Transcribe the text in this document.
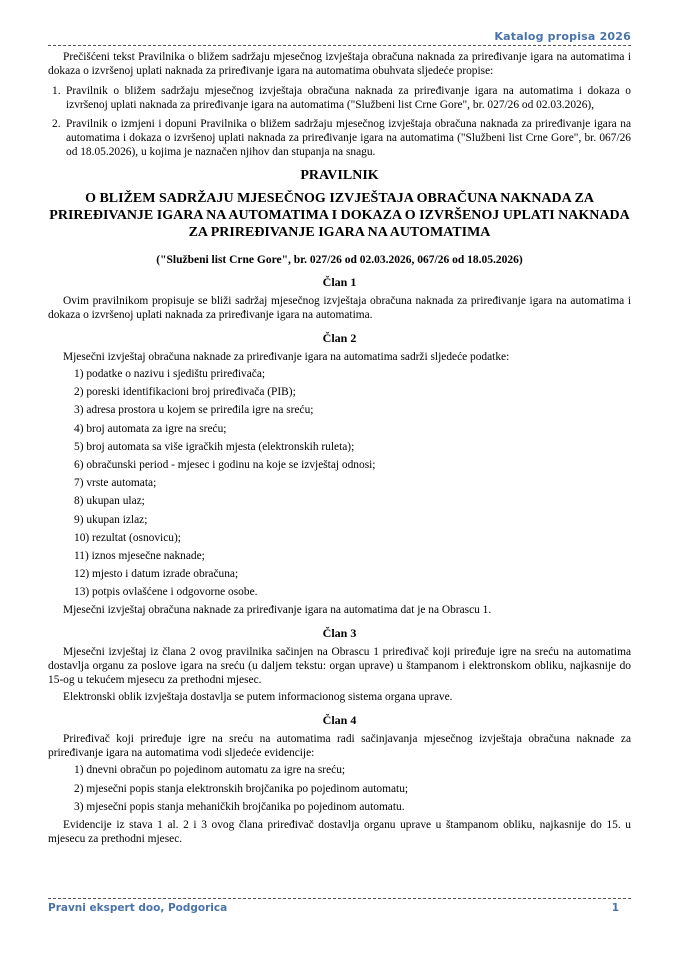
Katalog propisa 2026

Prečišćeni tekst Pravilnika o bližem sadržaju mjesečnog izvještaja obračuna naknada za priređivanje igara na automatima i dokaza o izvršenoj uplati naknada za priređivanje igara na automatima obuhvata sljedeće propise:

1. Pravilnik o bližem sadržaju mjesečnog izvještaja obračuna naknada za priređivanje igara na automatima i dokaza o izvršenoj uplati naknada za priređivanje igara na automatima ("Službeni list Crne Gore", br. 027/26 od 02.03.2026),
2. Pravilnik o izmjeni i dopuni Pravilnika o bližem sadržaju mjesečnog izvještaja obračuna naknada za priređivanje igara na automatima i dokaza o izvršenoj uplati naknada za priređivanje igara na automatima ("Službeni list Crne Gore", br. 067/26 od 18.05.2026), u kojima je naznačen njihov dan stupanja na snagu.
PRAVILNIK
O BLIŽEM SADRŽAJU MJESEČNOG IZVJEŠTAJA OBRAČUNA NAKNADA ZA PRIREĐIVANJE IGARA NA AUTOMATIMA I DOKAZA O IZVRŠENOJ UPLATI NAKNADA ZA PRIREĐIVANJE IGARA NA AUTOMATIMA
("Službeni list Crne Gore", br. 027/26 od 02.03.2026, 067/26 od 18.05.2026)
Član 1

Ovim pravilnikom propisuje se bliži sadržaj mjesečnog izvještaja obračuna naknada za priređivanje igara na automatima i dokaza o izvršenoj uplati naknada za priređivanje igara na automatima.

Član 2

Mjesečni izvještaj obračuna naknade za priređivanje igara na automatima sadrži sljedeće podatke:

1) podatke o nazivu i sjedištu priređivača;
2) poreski identifikacioni broj priređivača (PIB);
3) adresa prostora u kojem se priređila igre na sreću;
4) broj automata za igre na sreću;
5) broj automata sa više igračkih mjesta (elektronskih ruleta);
6) obračunski period - mjesec i godinu na koje se izvještaj odnosi;
7) vrste automata;
8) ukupan ulaz;
9) ukupan izlaz;
10) rezultat (osnovicu);
11) iznos mjesečne naknade;
12) mjesto i datum izrade obračuna;
13) potpis ovlašćene i odgovorne osobe.

Mjesečni izvještaj obračuna naknade za priređivanje igara na automatima dat je na Obrascu 1.

Član 3

Mjesečni izvještaj iz člana 2 ovog pravilnika sačinjen na Obrascu 1 priređivač koji priređuje igre na sreću na automatima dostavlja organu za poslove igara na sreću (u daljem tekstu: organ uprave) u štampanom i elektronskom obliku, najkasnije do 15-og u tekućem mjesecu za prethodni mjesec.

Elektronski oblik izvještaja dostavlja se putem informacionog sistema organa uprave.

Član 4

Priređivač koji priređuje igre na sreću na automatima radi sačinjavanja mjesečnog izvještaja obračuna naknade za priređivanje igara na automatima vodi sljedeće evidencije:

1) dnevni obračun po pojedinom automatu za igre na sreću;
2) mjesečni popis stanja elektronskih brojčanika po pojedinom automatu;
3) mjesečni popis stanja mehaničkih brojčanika po pojedinom automatu.

Evidencije iz stava 1 al. 2 i 3 ovog člana priređivač dostavlja organu uprave u štampanom obliku, najkasnije do 15. u mjesecu za prethodni mjesec.

Pravni ekspert doo, Podgorica	1
